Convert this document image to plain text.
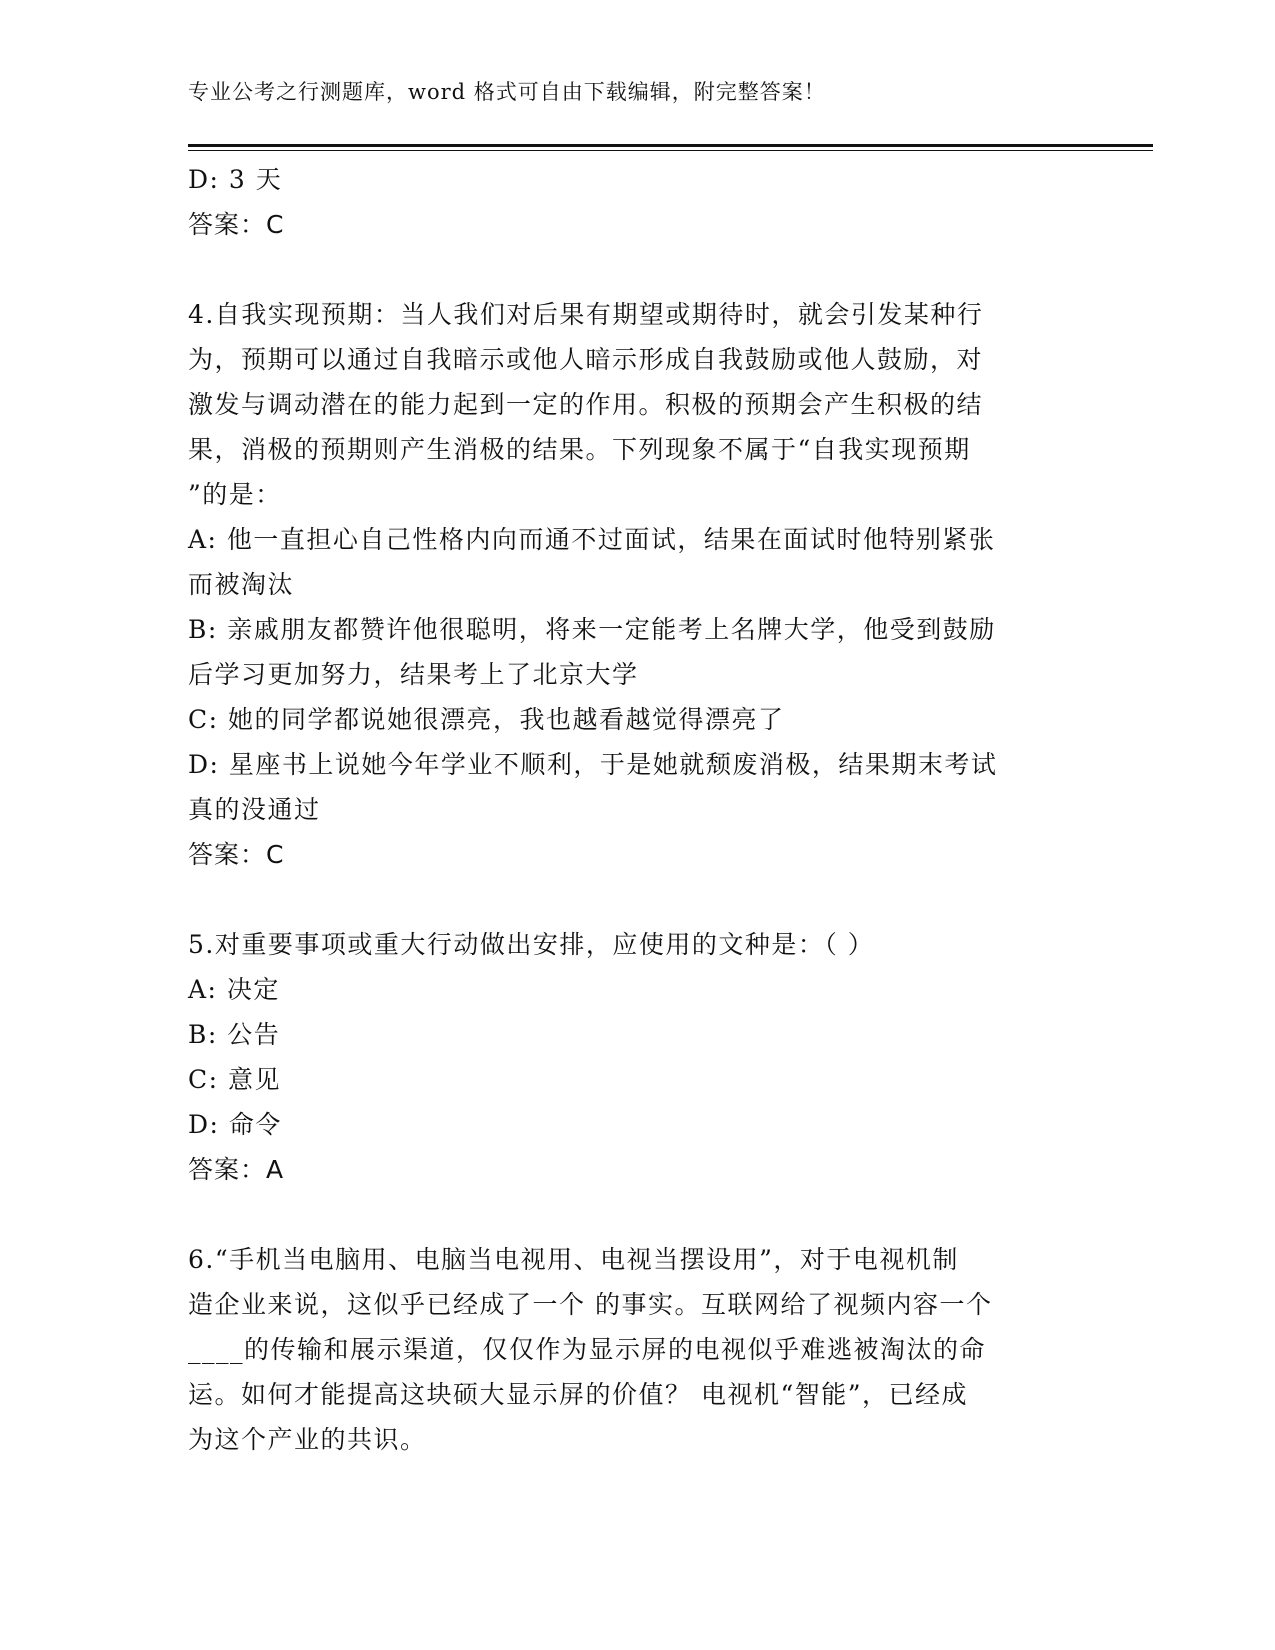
专业公考之行测题库，word 格式可自由下载编辑，附完整答案！
D: 3 天
答案：C
4.自我实现预期：当人我们对后果有期望或期待时，就会引发某种行
为，预期可以通过自我暗示或他人暗示形成自我鼓励或他人鼓励，对
激发与调动潜在的能力起到一定的作用。积极的预期会产生积极的结
果，消极的预期则产生消极的结果。下列现象不属于“自我实现预期
”的是：
A: 他一直担心自己性格内向而通不过面试，结果在面试时他特别紧张
而被淘汰
B: 亲戚朋友都赞许他很聪明，将来一定能考上名牌大学，他受到鼓励
后学习更加努力，结果考上了北京大学
C: 她的同学都说她很漂亮，我也越看越觉得漂亮了
D: 星座书上说她今年学业不顺利，于是她就颓废消极，结果期末考试
真的没通过
答案：C
5.对重要事项或重大行动做出安排，应使用的文种是：（ ）
A: 决定
B: 公告
C: 意见
D: 命令
答案：A
6.“手机当电脑用、电脑当电视用、电视当摆设用”，对于电视机制
造企业来说，这似乎已经成了一个 的事实。互联网给了视频内容一个
____的传输和展示渠道，仅仅作为显示屏的电视似乎难逃被淘汰的命
运。如何才能提高这块硕大显示屏的价值？ 电视机“智能”，已经成
为这个产业的共识。
